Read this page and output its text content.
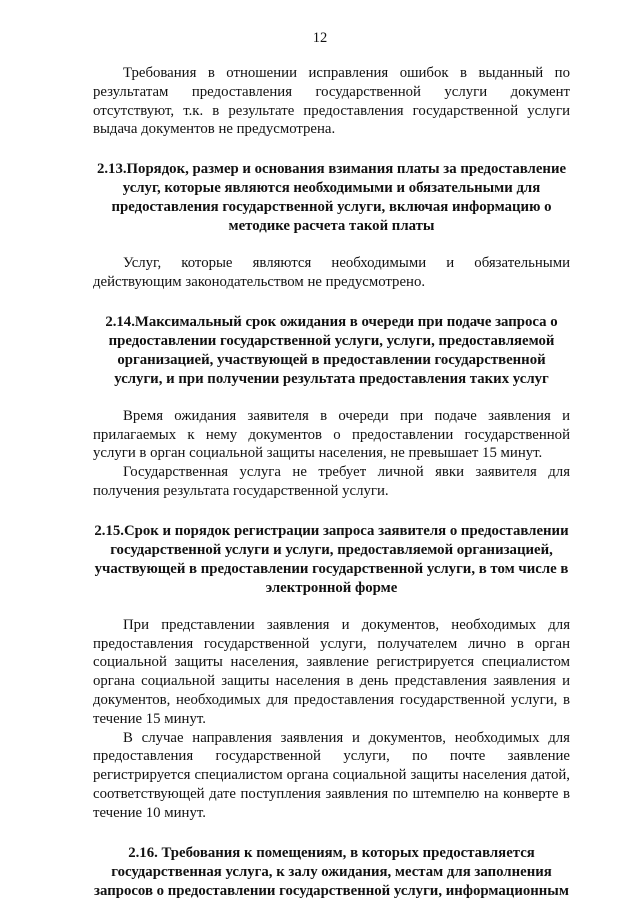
12

Требования в отношении исправления ошибок в выданный по результатам предоставления государственной услуги документ отсутствуют, т.к. в результате предоставления государственной услуги выдача документов не предусмотрена.

2.13.Порядок, размер и основания взимания платы за предоставление услуг, которые являются необходимыми и обязательными для предоставления государственной услуги, включая информацию о методике расчета такой платы

Услуг, которые являются необходимыми и обязательными действующим законодательством не предусмотрено.

2.14.Максимальный срок ожидания в очереди при подаче запроса о предоставлении государственной услуги, услуги, предоставляемой организацией, участвующей в предоставлении государственной услуги, и при получении результата предоставления таких услуг

Время ожидания заявителя в очереди при подаче заявления и прилагаемых к нему документов о предоставлении государственной услуги в орган социальной защиты населения, не превышает 15 минут.

Государственная услуга не требует личной явки заявителя для получения результата государственной услуги.

2.15.Срок и порядок регистрации запроса заявителя о предоставлении государственной услуги и услуги, предоставляемой организацией, участвующей в предоставлении государственной услуги, в том числе в электронной форме

При представлении заявления и документов, необходимых для предоставления государственной услуги, получателем лично в орган социальной защиты населения, заявление регистрируется специалистом органа социальной защиты населения в день представления заявления и документов, необходимых для предоставления государственной услуги, в течение 15 минут.

В случае направления заявления и документов, необходимых для предоставления государственной услуги, по почте заявление регистрируется специалистом органа социальной защиты населения датой, соответствующей дате поступления заявления по штемпелю на конверте в течение 10 минут.

2.16. Требования к помещениям, в которых предоставляется государственная услуга, к залу ожидания, местам для заполнения запросов о предоставлении государственной услуги, информационным
